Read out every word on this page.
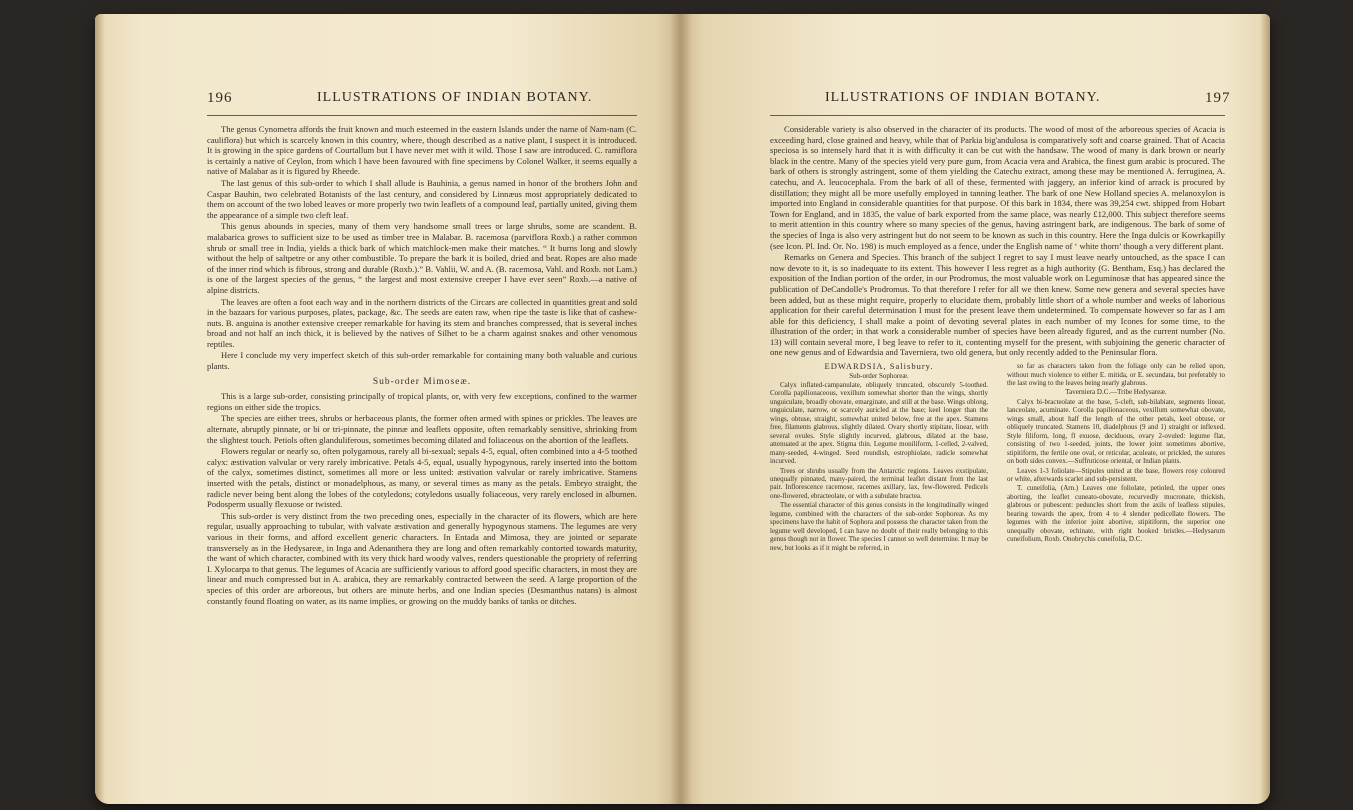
196	ILLUSTRATIONS OF INDIAN BOTANY.

The genus Cynometra affords the fruit known and much esteemed in the eastern Islands under the name of Nam-nam (C. cauliflora) but which is scarcely known in this country, where, though described as a native plant, I suspect it is introduced. It is growing in the spice gardens of Courtallum but I have never met with it wild. Those I saw are introduced. C. ramiflora is certainly a native of Ceylon, from which I have been favoured with fine specimens by Colonel Walker, it seems equally a native of Malabar as it is figured by Rheede.

The last genus of this sub-order to which I shall allude is Bauhinia, a genus named in honor of the brothers John and Caspar Bauhin, two celebrated Botanists of the last century, and considered by Linnæus most appropriately dedicated to them on account of the two lobed leaves or more properly two twin leaflets of a compound leaf, partially united, giving them the appearance of a simple two cleft leaf.

This genus abounds in species, many of them very handsome small trees or large shrubs, some are scandent. B. malabarica grows to sufficient size to be used as timber tree in Malabar. B. racemosa (parviflora Roxb.) a rather common shrub or small tree in India, yields a thick bark of which matchlock-men make their matches. “ It burns long and slowly without the help of saltpetre or any other combustible. To prepare the bark it is boiled, dried and beat. Ropes are also made of the inner rind which is fibrous, strong and durable (Roxb.).” B. Vahlii, W. and A. (B. racemosa, Vahl. and Roxb. not Lam.) is one of the largest species of the genus, “ the largest and most extensive creeper I have ever seen” Roxb.—a native of alpine districts.

The leaves are often a foot each way and in the northern districts of the Circars are collected in quantities great and sold in the bazaars for various purposes, plates, package, &c. The seeds are eaten raw, when ripe the taste is like that of cashew-nuts. B. anguina is another extensive creeper remarkable for having its stem and branches compressed, that is several inches broad and not half an inch thick, it is believed by the natives of Silhet to be a charm against snakes and other venomous reptiles.

Here I conclude my very imperfect sketch of this sub-order remarkable for containing many both valuable and curious plants.

Sub-order Mimoseæ.

This is a large sub-order, consisting principally of tropical plants, or, with very few exceptions, confined to the warmer regions on either side the tropics.

The species are either trees, shrubs or herbaceous plants, the former often armed with spines or prickles. The leaves are alternate, abruptly pinnate, or bi or tri-pinnate, the pinnæ and leaflets opposite, often remarkably sensitive, shrinking from the slightest touch. Petiols often glanduliferous, sometimes becoming dilated and foliaceous on the abortion of the leaflets.

Flowers regular or nearly so, often polygamous, rarely all bi-sexual; sepals 4-5, equal, often combined into a 4-5 toothed calyx: æstivation valvular or very rarely imbricative. Petals 4-5, equal, usually hypogynous, rarely inserted into the bottom of the calyx, sometimes distinct, sometimes all more or less united: æstivation valvular or rarely imbricative. Stamens inserted with the petals, distinct or monadelphous, as many, or several times as many as the petals. Embryo straight, the radicle never being bent along the lobes of the cotyledons; cotyledons usually foliaceous, very rarely enclosed in albumen. Podosperm usually flexuose or twisted.

This sub-order is very distinct from the two preceding ones, especially in the character of its flowers, which are here regular, usually approaching to tubular, with valvate æstivation and generally hypogynous stamens. The legumes are very various in their forms, and afford excellent generic characters. In Entada and Mimosa, they are jointed or separate transversely as in the Hedysareæ, in Inga and Adenanthera they are long and often remarkably contorted towards maturity, the want of which character, combined with its very thick hard woody valves, renders questionable the propriety of referring I. Xylocarpa to that genus. The legumes of Acacia are sufficiently various to afford good specific characters, in most they are linear and much compressed but in A. arabica, they are remarkably contracted between the seed. A large proportion of the species of this order are arboreous, but others are minute herbs, and one Indian species (Desmanthus natans) is almost constantly found floating on water, as its name implies, or growing on the muddy banks of tanks or ditches.

ILLUSTRATIONS OF INDIAN BOTANY.	197

Considerable variety is also observed in the character of its products. The wood of most of the arboreous species of Acacia is exceeding hard, close grained and heavy, while that of Parkia big'andulosa is comparatively soft and coarse grained. That of Acacia speciosa is so intensely hard that it is with difficulty it can be cut with the handsaw. The wood of many is dark brown or nearly black in the centre. Many of the species yield very pure gum, from Acacia vera and Arabica, the finest gum arabic is procured. The bark of others is strongly astringent, some of them yielding the Catechu extract, among these may be mentioned A. ferruginea, A. catechu, and A. leucocephala. From the bark of all of these, fermented with jaggery, an inferior kind of arrack is procured by distillation; they might all be more usefully employed in tanning leather. The bark of one New Holland species A. melanoxylon is imported into England in considerable quantities for that purpose. Of this bark in 1834, there was 39,254 cwt. shipped from Hobart Town for England, and in 1835, the value of bark exported from the same place, was nearly £12,000. This subject therefore seems to merit attention in this country where so many species of the genus, having astringent bark, are indigenous. The bark of some of the species of Inga is also very astringent but do not seem to be known as such in this country. Here the Inga dulcis or Kowrkapilly (see Icon. Pl. Ind. Or. No. 198) is much employed as a fence, under the English name of ‘ white thorn’ though a very different plant.

Remarks on Genera and Species. This branch of the subject I regret to say I must leave nearly untouched, as the space I can now devote to it, is so inadequate to its extent. This however I less regret as a high authority (G. Bentham, Esq.) has declared the exposition of the Indian portion of the order, in our Prodromus, the most valuable work on Leguminosæ that has appeared since the publication of DeCandolle's Prodromus. To that therefore I refer for all we then knew. Some new genera and several species have been added, but as these might require, properly to elucidate them, probably little short of a whole number and weeks of laborious application for their careful determination I must for the present leave them undetermined. To compensate however so far as I am able for this deficiency, I shall make a point of devoting several plates in each number of my Icones for some time, to the illustration of the order; in that work a considerable number of species have been already figured, and as the current number (No. 13) will contain several more, I beg leave to refer to it, contenting myself for the present, with subjoining the generic character of one new genus and of Edwardsia and Taverniera, two old genera, but only recently added to the Peninsular flora.

EDWARDSIA, Salisbury.

Sub-order Sophoreæ.

Calyx inflated-campanulate, obliquely truncated, obscurely 5-toothed. Corolla papilionaceous, vexillum somewhat shorter than the wings, shortly unguiculate, broadly obovate, emarginate, and still at the base. Wings oblong, unguiculate, narrow, or scarcely auricled at the base; keel longer than the wings, obtuse, straight, somewhat united below, free at the apex. Stamens free, filaments glabrous, slightly dilated. Ovary shortly stipitate, linear, with several ovules. Style slightly incurved, glabrous, dilated at the base, attenuated at the apex. Stigma thin. Legume moniliform, 1-celled, 2-valved, many-seeded, 4-winged. Seed roundish, estrophiolate, radicle somewhat incurved.

Trees or shrubs usually from the Antarctic regions. Leaves exstipulate, unequally pinnated, many-paired, the terminal leaflet distant from the last pair. Inflorescence racemose, racemes axillary, lax, few-flowered. Pedicels one-flowered, ebracteolate, or with a subulate bractea.

The essential character of this genus consists in the longitudinally winged legume, combined with the characters of the sub-order Sophoreæ. As my specimens have the habit of Sophora and possess the character taken from the legume well developed, I can have no doubt of their really belonging to this genus though not in flower. The species I cannot so well determine. It may be new, but looks as if it might be referred, in

so far as characters taken from the foliage only can be relied upon, without much violence to either E. mitida, or E. secundata, but preferably to the last owing to the leaves being nearly glabrous.

Taverniera D.C.—Tribe Hedysareæ.

Calyx bi-bracteolate at the base, 5-cleft, sub-bilabiate, segments linear, lanceolate, acuminate. Corolla papilionaceous, vexillum somewhat obovate, wings small, about half the length of the other petals, keel obtuse, or obliquely truncated. Stamens 10, diadelphous (9 and 1) straight or inflexed. Style filiform, long, fl exuose, deciduous, ovary 2-ovuled: legume flat, consisting of two 1-seeded, joints, the lower joint sometimes abortive, stipitiform, the fertile one oval, or reticular, aculeate, or prickled, the sutures on both sides convex.—Suffruticose oriental, or Indian plants.

Leaves 1-3 foliolate—Stipules united at the base, flowers rosy coloured or white, afterwards scarlet and sub-persistent.

T. cuneifolia, (Arn.) Leaves one foliolate, petioled, the upper ones aborting, the leaflet cuneato-obovate, recurvedly mucronate, thickish, glabrous or pubescent: peduncles short from the axils of leafless stipules, bearing towards the apex, from 4 to 4 slender pedicellate flowers. The legumes with the inferior joint abortive, stipitiform, the superior one unequally obovate, echinate, with right hooked bristles.—Hedysarum cuneifolium, Roxb. Onobrychis cuneifolia, D.C.
